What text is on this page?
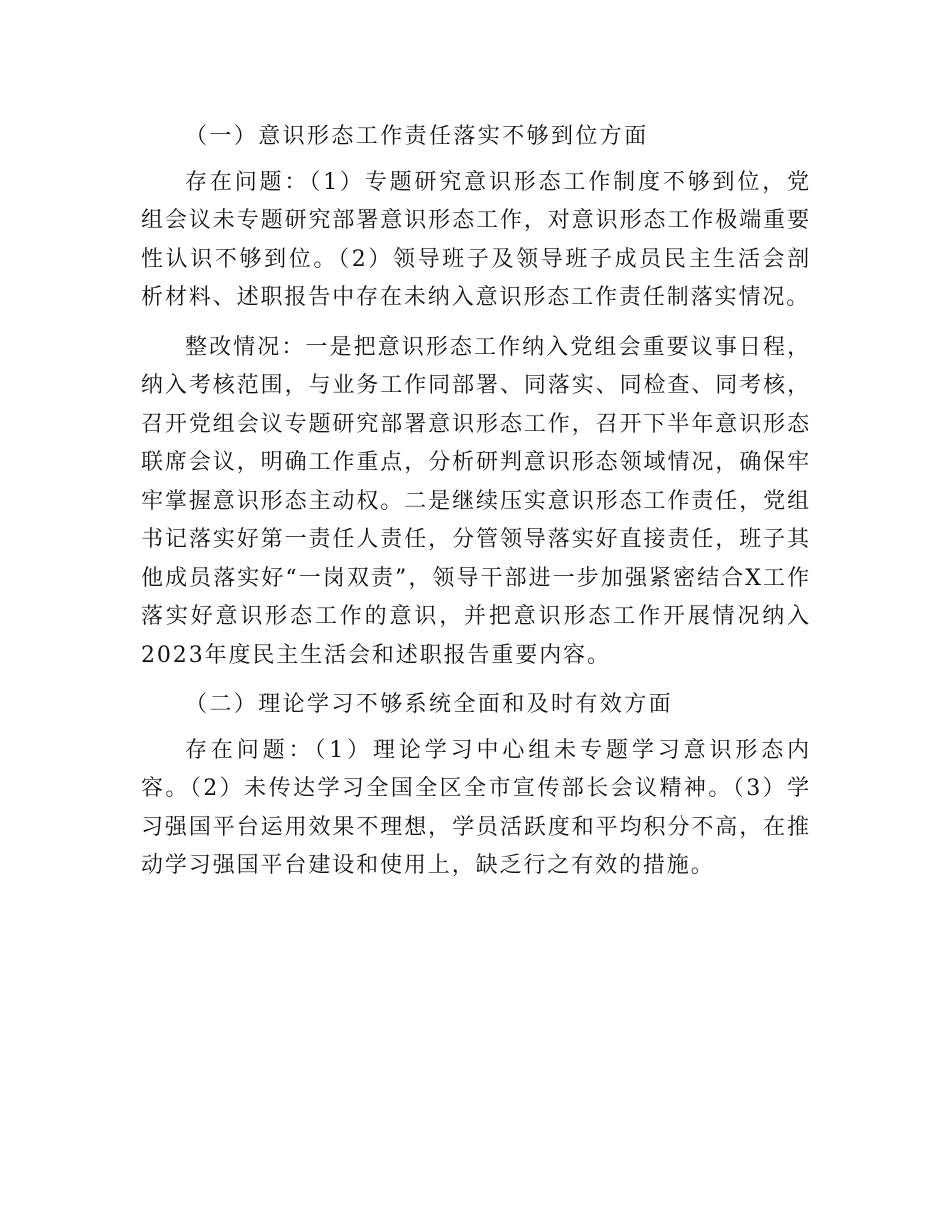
（一）意识形态工作责任落实不够到位方面

存在问题：（1）专题研究意识形态工作制度不够到位，党组会议未专题研究部署意识形态工作，对意识形态工作极端重要性认识不够到位。（2）领导班子及领导班子成员民主生活会剖析材料、述职报告中存在未纳入意识形态工作责任制落实情况。

整改情况：一是把意识形态工作纳入党组会重要议事日程，纳入考核范围，与业务工作同部署、同落实、同检查、同考核，召开党组会议专题研究部署意识形态工作，召开下半年意识形态联席会议，明确工作重点，分析研判意识形态领域情况，确保牢牢掌握意识形态主动权。二是继续压实意识形态工作责任，党组书记落实好第一责任人责任，分管领导落实好直接责任，班子其他成员落实好“一岗双责”，领导干部进一步加强紧密结合X工作落实好意识形态工作的意识，并把意识形态工作开展情况纳入2023年度民主生活会和述职报告重要内容。

（二）理论学习不够系统全面和及时有效方面

存在问题：（1）理论学习中心组未专题学习意识形态内容。（2）未传达学习全国全区全市宣传部长会议精神。（3）学习强国平台运用效果不理想，学员活跃度和平均积分不高，在推动学习强国平台建设和使用上，缺乏行之有效的措施。
